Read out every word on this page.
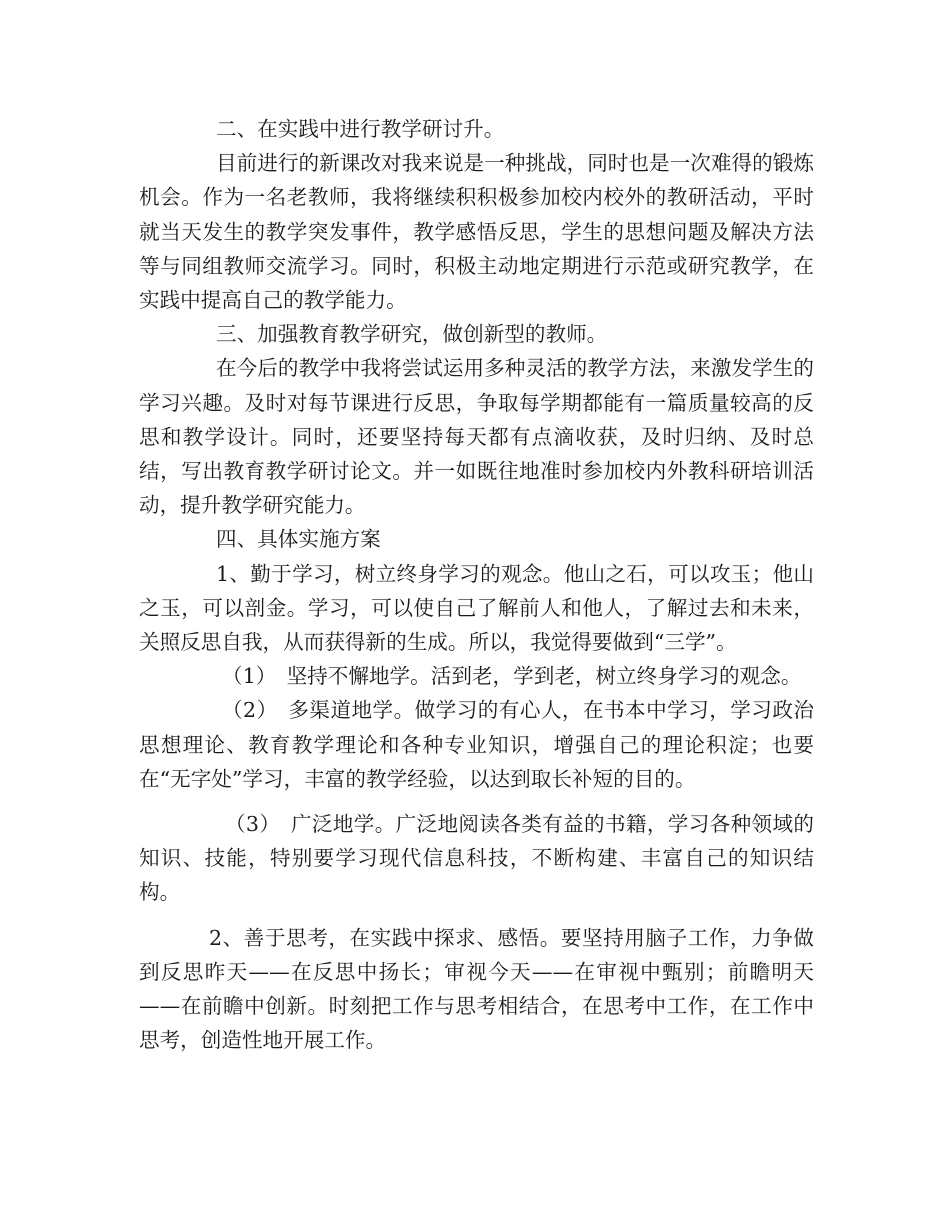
二、在实践中进行教学研讨升。

目前进行的新课改对我来说是一种挑战，同时也是一次难得的锻炼机会。作为一名老教师，我将继续积积极参加校内校外的教研活动，平时就当天发生的教学突发事件，教学感悟反思，学生的思想问题及解决方法等与同组教师交流学习。同时，积极主动地定期进行示范或研究教学，在实践中提高自己的教学能力。

三、加强教育教学研究，做创新型的教师。

在今后的教学中我将尝试运用多种灵活的教学方法，来激发学生的学习兴趣。及时对每节课进行反思，争取每学期都能有一篇质量较高的反思和教学设计。同时，还要坚持每天都有点滴收获，及时归纳、及时总结，写出教育教学研讨论文。并一如既往地准时参加校内外教科研培训活动，提升教学研究能力。

四、具体实施方案

1、勤于学习，树立终身学习的观念。他山之石，可以攻玉；他山之玉，可以剖金。学习，可以使自己了解前人和他人，了解过去和未来，关照反思自我，从而获得新的生成。所以，我觉得要做到“三学”。

（1）　坚持不懈地学。活到老，学到老，树立终身学习的观念。

（2）　多渠道地学。做学习的有心人，在书本中学习，学习政治思想理论、教育教学理论和各种专业知识，增强自己的理论积淀；也要在“无字处”学习，丰富的教学经验，以达到取长补短的目的。

（3）　广泛地学。广泛地阅读各类有益的书籍，学习各种领域的知识、技能，特别要学习现代信息科技，不断构建、丰富自己的知识结构。

2、善于思考，在实践中探求、感悟。要坚持用脑子工作，力争做到反思昨天——在反思中扬长；审视今天——在审视中甄别；前瞻明天——在前瞻中创新。时刻把工作与思考相结合，在思考中工作，在工作中思考，创造性地开展工作。
